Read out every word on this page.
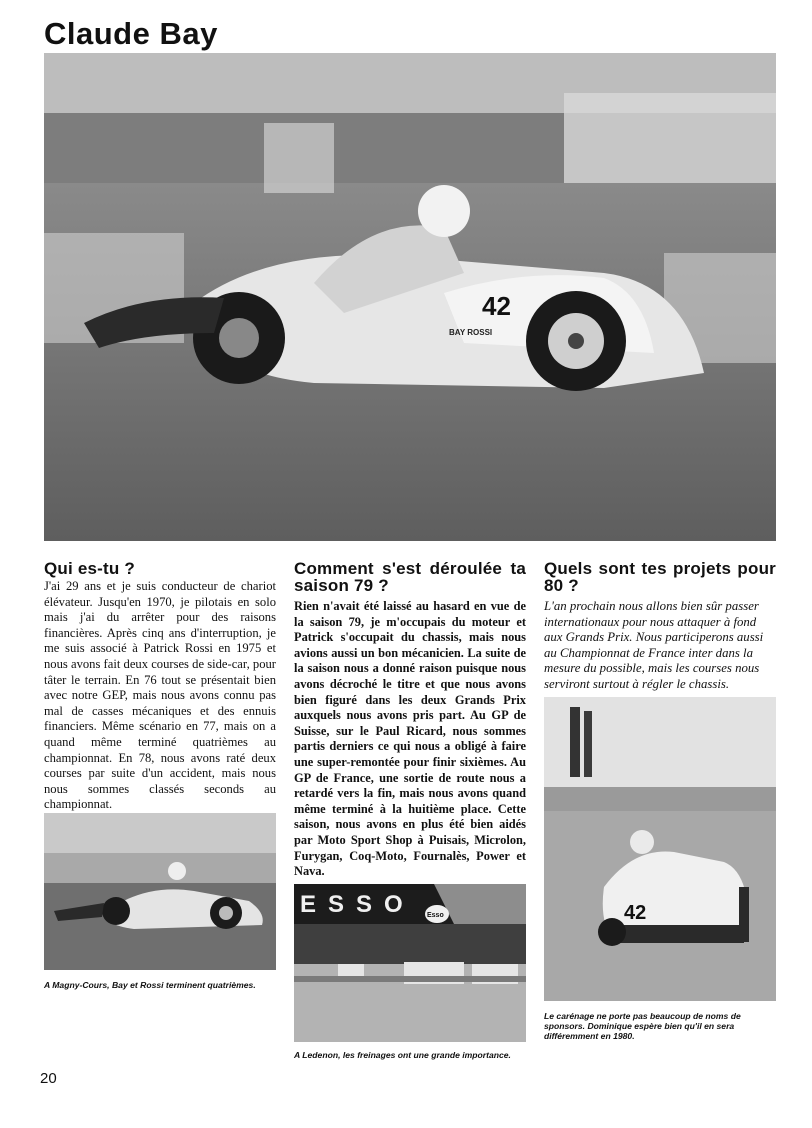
Claude Bay
42
BAY ROSSI
Qui es-tu ?
J'ai 29 ans et je suis conducteur de chariot élévateur. Jusqu'en 1970, je pilotais en solo mais j'ai du arrêter pour des raisons financières. Après cinq ans d'interruption, je me suis associé à Patrick Rossi en 1975 et nous avons fait deux courses de side-car, pour tâter le terrain. En 76 tout se présentait bien avec notre GEP, mais nous avons connu pas mal de casses mécaniques et des ennuis financiers. Même scénario en 77, mais on a quand même terminé quatrièmes au championnat. En 78, nous avons raté deux courses par suite d'un accident, mais nous nous sommes classés seconds au championnat.
A Magny-Cours, Bay et Rossi terminent quatrièmes.
Comment s'est déroulée ta saison 79 ?
Rien n'avait été laissé au hasard en vue de la saison 79, je m'occupais du moteur et Patrick s'occupait du chassis, mais nous avions aussi un bon mécanicien. La suite de la saison nous a donné raison puisque nous avons décroché le titre et que nous avons bien figuré dans les deux Grands Prix auxquels nous avons pris part. Au GP de Suisse, sur le Paul Ricard, nous sommes partis derniers ce qui nous a obligé à faire une super-remontée pour finir sixièmes. Au GP de France, une sortie de route nous a retardé vers la fin, mais nous avons quand même terminé à la huitième place. Cette saison, nous avons en plus été bien aidés par Moto Sport Shop à Puisais, Microlon, Furygan, Coq-Moto, Fournalès, Power et Nava.
ESSO Esso
A Ledenon, les freinages ont une grande importance.
Quels sont tes projets pour 80 ?
L'an prochain nous allons bien sûr passer internationaux pour nous attaquer à fond aux Grands Prix. Nous participerons aussi au Championnat de France inter dans la mesure du possible, mais les courses nous serviront surtout à régler le chassis.
42
Le carénage ne porte pas beaucoup de noms de sponsors. Dominique espère bien qu'il en sera différemment en 1980.
20
